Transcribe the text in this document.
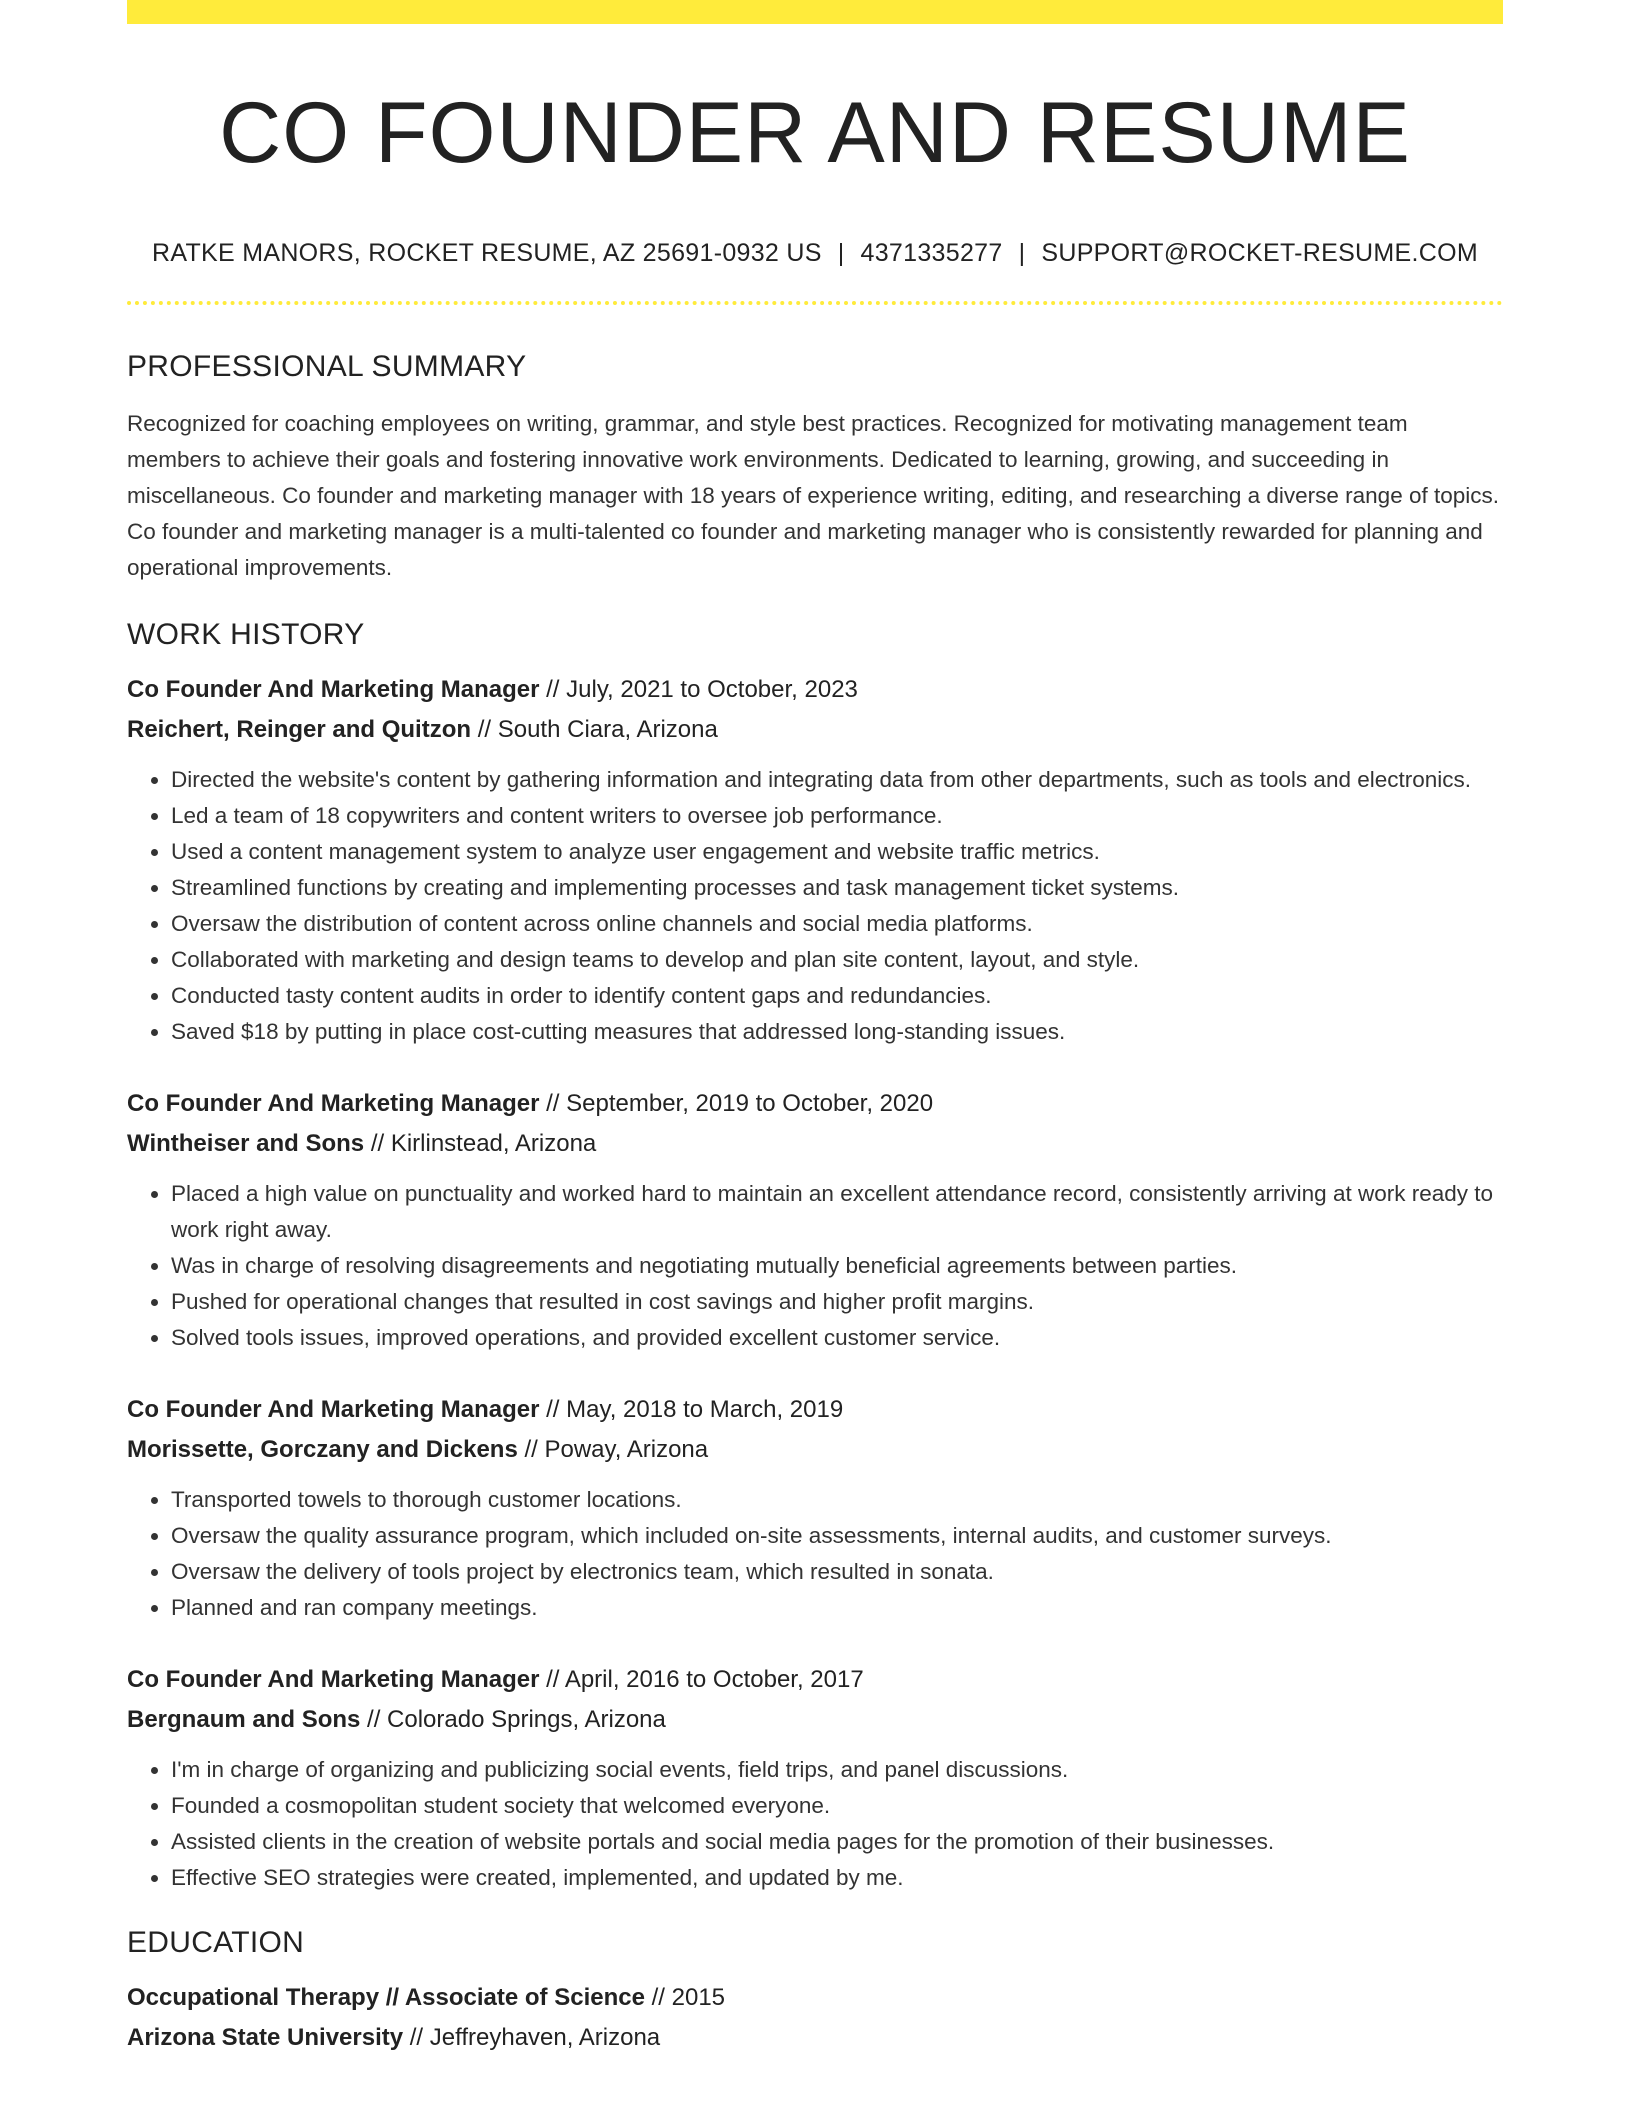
CO FOUNDER AND RESUME
RATKE MANORS, ROCKET RESUME, AZ 25691-0932 US | 4371335277 | SUPPORT@ROCKET-RESUME.COM
PROFESSIONAL SUMMARY
Recognized for coaching employees on writing, grammar, and style best practices. Recognized for motivating management team members to achieve their goals and fostering innovative work environments. Dedicated to learning, growing, and succeeding in miscellaneous. Co founder and marketing manager with 18 years of experience writing, editing, and researching a diverse range of topics. Co founder and marketing manager is a multi-talented co founder and marketing manager who is consistently rewarded for planning and operational improvements.
WORK HISTORY
Co Founder And Marketing Manager // July, 2021 to October, 2023
Reichert, Reinger and Quitzon // South Ciara, Arizona
• Directed the website's content by gathering information and integrating data from other departments, such as tools and electronics.
• Led a team of 18 copywriters and content writers to oversee job performance.
• Used a content management system to analyze user engagement and website traffic metrics.
• Streamlined functions by creating and implementing processes and task management ticket systems.
• Oversaw the distribution of content across online channels and social media platforms.
• Collaborated with marketing and design teams to develop and plan site content, layout, and style.
• Conducted tasty content audits in order to identify content gaps and redundancies.
• Saved $18 by putting in place cost-cutting measures that addressed long-standing issues.
Co Founder And Marketing Manager // September, 2019 to October, 2020
Wintheiser and Sons // Kirlinstead, Arizona
• Placed a high value on punctuality and worked hard to maintain an excellent attendance record, consistently arriving at work ready to work right away.
• Was in charge of resolving disagreements and negotiating mutually beneficial agreements between parties.
• Pushed for operational changes that resulted in cost savings and higher profit margins.
• Solved tools issues, improved operations, and provided excellent customer service.
Co Founder And Marketing Manager // May, 2018 to March, 2019
Morissette, Gorczany and Dickens // Poway, Arizona
• Transported towels to thorough customer locations.
• Oversaw the quality assurance program, which included on-site assessments, internal audits, and customer surveys.
• Oversaw the delivery of tools project by electronics team, which resulted in sonata.
• Planned and ran company meetings.
Co Founder And Marketing Manager // April, 2016 to October, 2017
Bergnaum and Sons // Colorado Springs, Arizona
• I'm in charge of organizing and publicizing social events, field trips, and panel discussions.
• Founded a cosmopolitan student society that welcomed everyone.
• Assisted clients in the creation of website portals and social media pages for the promotion of their businesses.
• Effective SEO strategies were created, implemented, and updated by me.
EDUCATION
Occupational Therapy // Associate of Science // 2015
Arizona State University // Jeffreyhaven, Arizona
